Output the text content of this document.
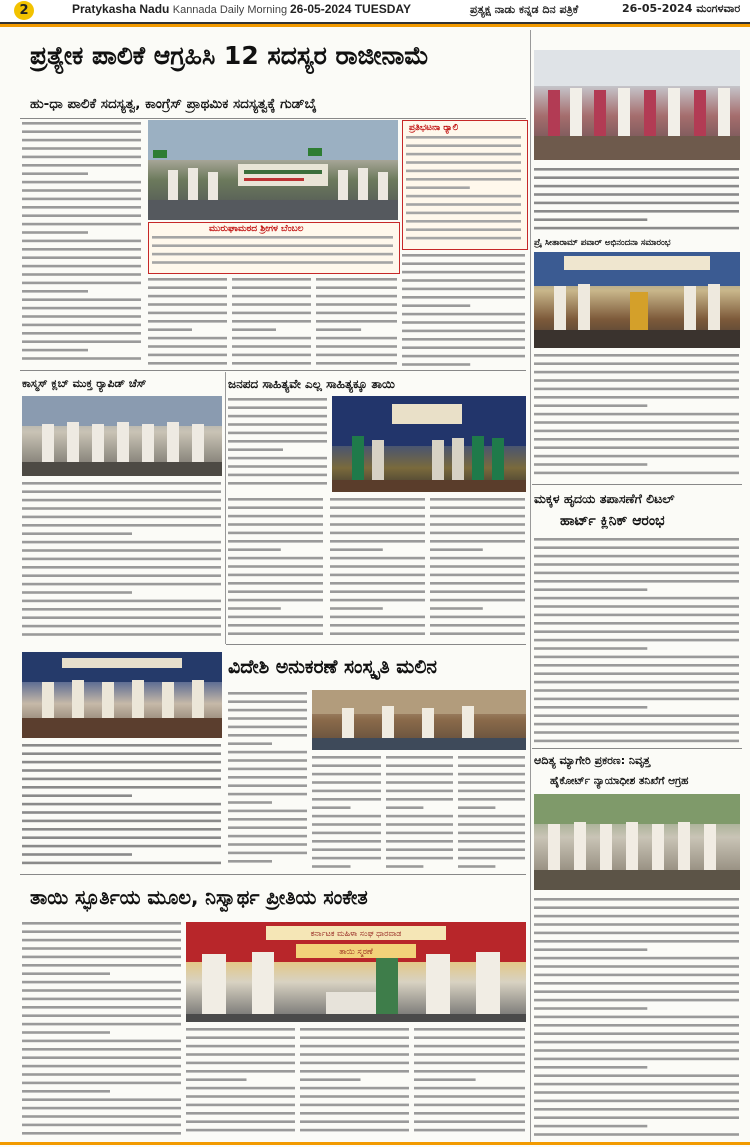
2	Pratykasha Nadu Kannada Daily Morning 26-05-2024 TUESDAY	ಪ್ರತ್ಯಕ್ಷ ನಾಡು ಕನ್ನಡ ದಿನ ಪತ್ರಿಕೆ	26-05-2024 ಮಂಗಳವಾರ
ಪ್ರತ್ಯೇಕ ಪಾಲಿಕೆ ಆಗ್ರಹಿಸಿ 12 ಸದಸ್ಯರ ರಾಜೀನಾಮೆ
ಹು-ಧಾ ಪಾಲಿಕೆ ಸದಸ್ಯತ್ವ, ಕಾಂಗ್ರೆಸ್ ಪ್ರಾಥಮಿಕ ಸದಸ್ಯತ್ವಕ್ಕೆ ಗುಡ್‌ಬೈ
ಪ್ರತಿಭಟನಾ ರ‍್ಯಾಲಿ
ಮುರುಘಾಮಠದ ಶ್ರೀಗಳ ಬೆಂಬಲ
ಕಾಸ್ಮಸ್ ಕ್ಲಬ್ ಮುಕ್ತ ರ‍್ಯಾಪಿಡ್ ಚೆಸ್	ಜನಪದ ಸಾಹಿತ್ಯವೇ ಎಲ್ಲ ಸಾಹಿತ್ಯಕ್ಕೂ ತಾಯಿ
ವಿದೇಶಿ ಅನುಕರಣೆ ಸಂಸ್ಕೃತಿ ಮಲಿನ
ತಾಯಿ ಸ್ಫೂರ್ತಿಯ ಮೂಲ, ನಿಸ್ವಾರ್ಥ ಪ್ರೀತಿಯ ಸಂಕೇತ
ಕರ್ನಾಟಕ ಮಹಿಳಾ ಸಂಘ ಧಾರವಾಡ
ತಾಯಿ ಸ್ಮರಣೆ
ಪ್ರೈ ಸೀತಾರಾಮ್ ಪವಾರ್ ಅಭಿನಂದನಾ ಸಮಾರಂಭ
ಮಕ್ಕಳ ಹೃದಯ ತಪಾಸಣೆಗೆ ಲಿಟಲ್
ಹಾರ್ಟ್ ಕ್ಲಿನಿಕ್ ಆರಂಭ
ಆದಿತ್ಯ ಮ್ಯಾಗೇರಿ ಪ್ರಕರಣ: ನಿವೃತ್ತ
ಹೈಕೋರ್ಟ್ ನ್ಯಾಯಾಧೀಶ ತನಿಖೆಗೆ ಆಗ್ರಹ
